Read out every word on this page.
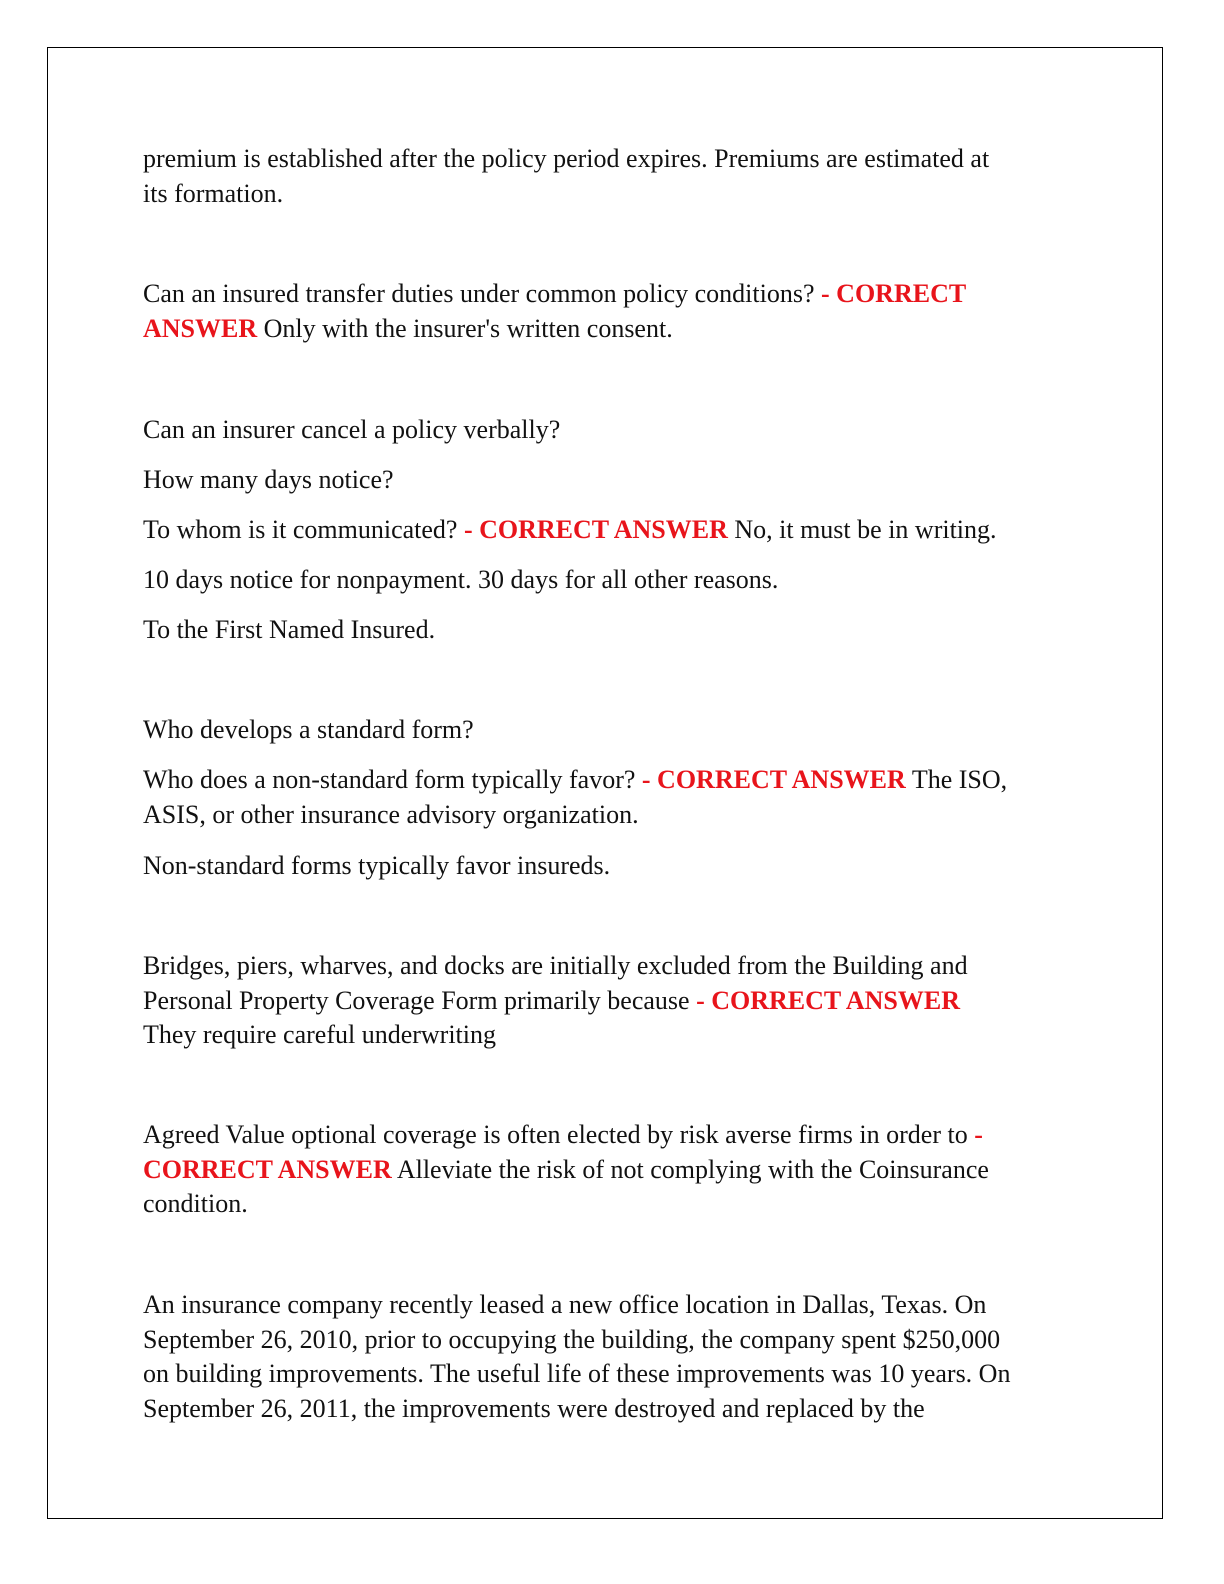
premium is established after the policy period expires. Premiums are estimated at
its formation.
Can an insured transfer duties under common policy conditions? - CORRECT
ANSWER Only with the insurer's written consent.
Can an insurer cancel a policy verbally?
How many days notice?
To whom is it communicated? - CORRECT ANSWER No, it must be in writing.
10 days notice for nonpayment. 30 days for all other reasons.
To the First Named Insured.
Who develops a standard form?
Who does a non-standard form typically favor? - CORRECT ANSWER The ISO,
ASIS, or other insurance advisory organization.
Non-standard forms typically favor insureds.
Bridges, piers, wharves, and docks are initially excluded from the Building and
Personal Property Coverage Form primarily because - CORRECT ANSWER
They require careful underwriting
Agreed Value optional coverage is often elected by risk averse firms in order to -
CORRECT ANSWER Alleviate the risk of not complying with the Coinsurance
condition.
An insurance company recently leased a new office location in Dallas, Texas. On
September 26, 2010, prior to occupying the building, the company spent $250,000
on building improvements. The useful life of these improvements was 10 years. On
September 26, 2011, the improvements were destroyed and replaced by the
